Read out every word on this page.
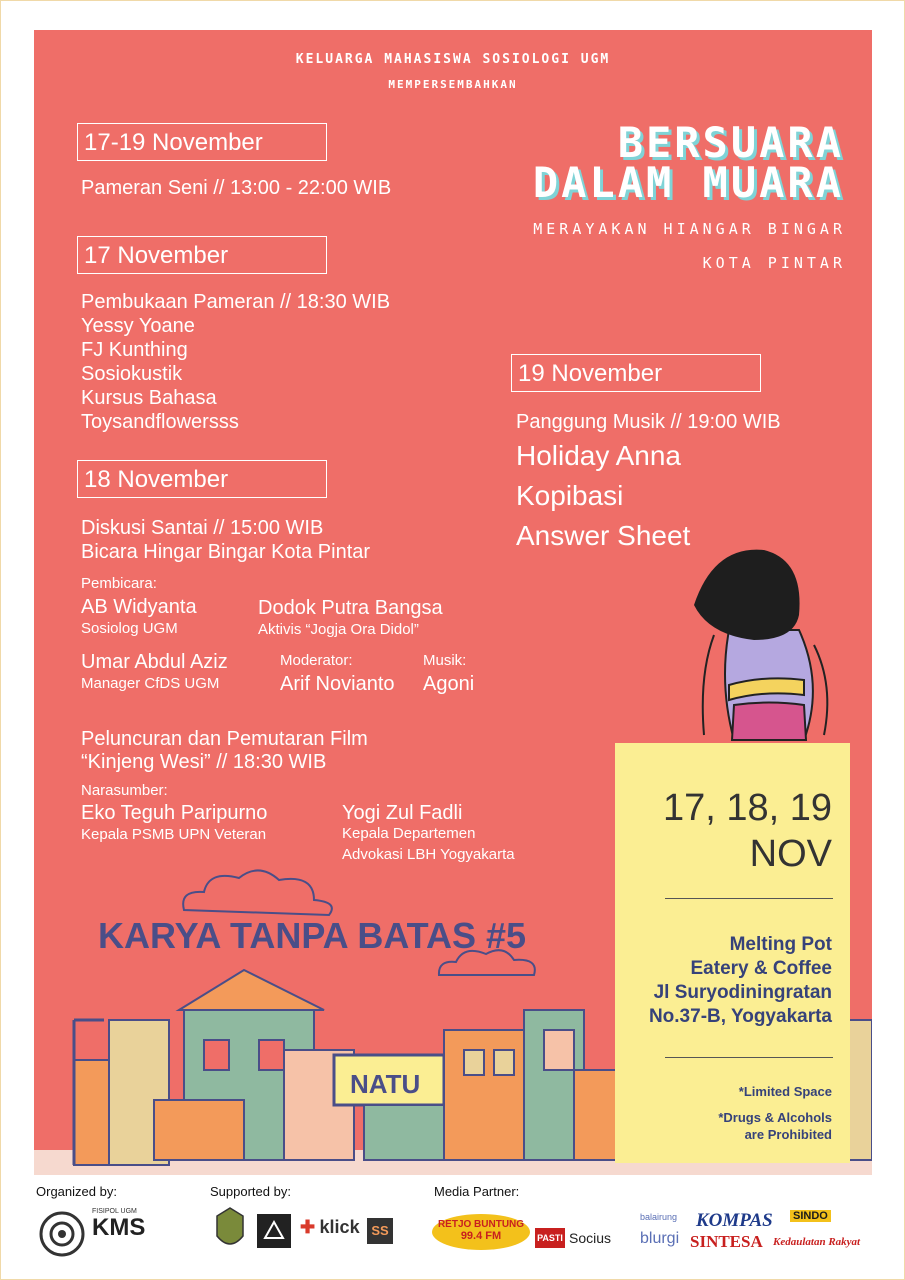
KELUARGA MAHASISWA SOSIOLOGI UGM
MEMPERSEMBAHKAN
BERSUARA
DALAM MUARA
MERAYAKAN HIANGAR BINGAR
KOTA PINTAR
17-19 November
Pameran Seni // 13:00 - 22:00 WIB
17 November
Pembukaan Pameran // 18:30 WIB
Yessy Yoane
FJ Kunthing
Sosiokustik
Kursus Bahasa
Toysandflowersss
18 November
Diskusi Santai // 15:00 WIB
Bicara Hingar Bingar Kota Pintar
Pembicara:
AB Widyanta
Sosiolog UGM
Dodok Putra Bangsa
Aktivis “Jogja Ora Didol”
Umar Abdul Aziz
Manager CfDS UGM
Moderator:
Arif Novianto
Musik:
Agoni
Peluncuran dan Pemutaran Film
“Kinjeng Wesi” // 18:30 WIB
Narasumber:
Eko Teguh Paripurno
Kepala PSMB UPN Veteran
Yogi Zul Fadli
Kepala Departemen
Advokasi LBH Yogyakarta
19 November
Panggung Musik // 19:00 WIB
Holiday Anna
Kopibasi
Answer Sheet
KARYA TANPA BATAS #5
NATU
17, 18, 19
NOV
Melting Pot
Eatery & Coffee
Jl Suryodiningratan
No.37-B, Yogyakarta
*Limited Space
*Drugs & Alcohols
are Prohibited
Organized by:	Supported by:	Media Partner:
FISIPOL UGM
KMS	✚ klick SS	RETJO BUNTUNG
99.4 FM	PASTI Socius
balairung
blurgi
KOMPAS SINDO
SINTESA Kedaulatan Rakyat
